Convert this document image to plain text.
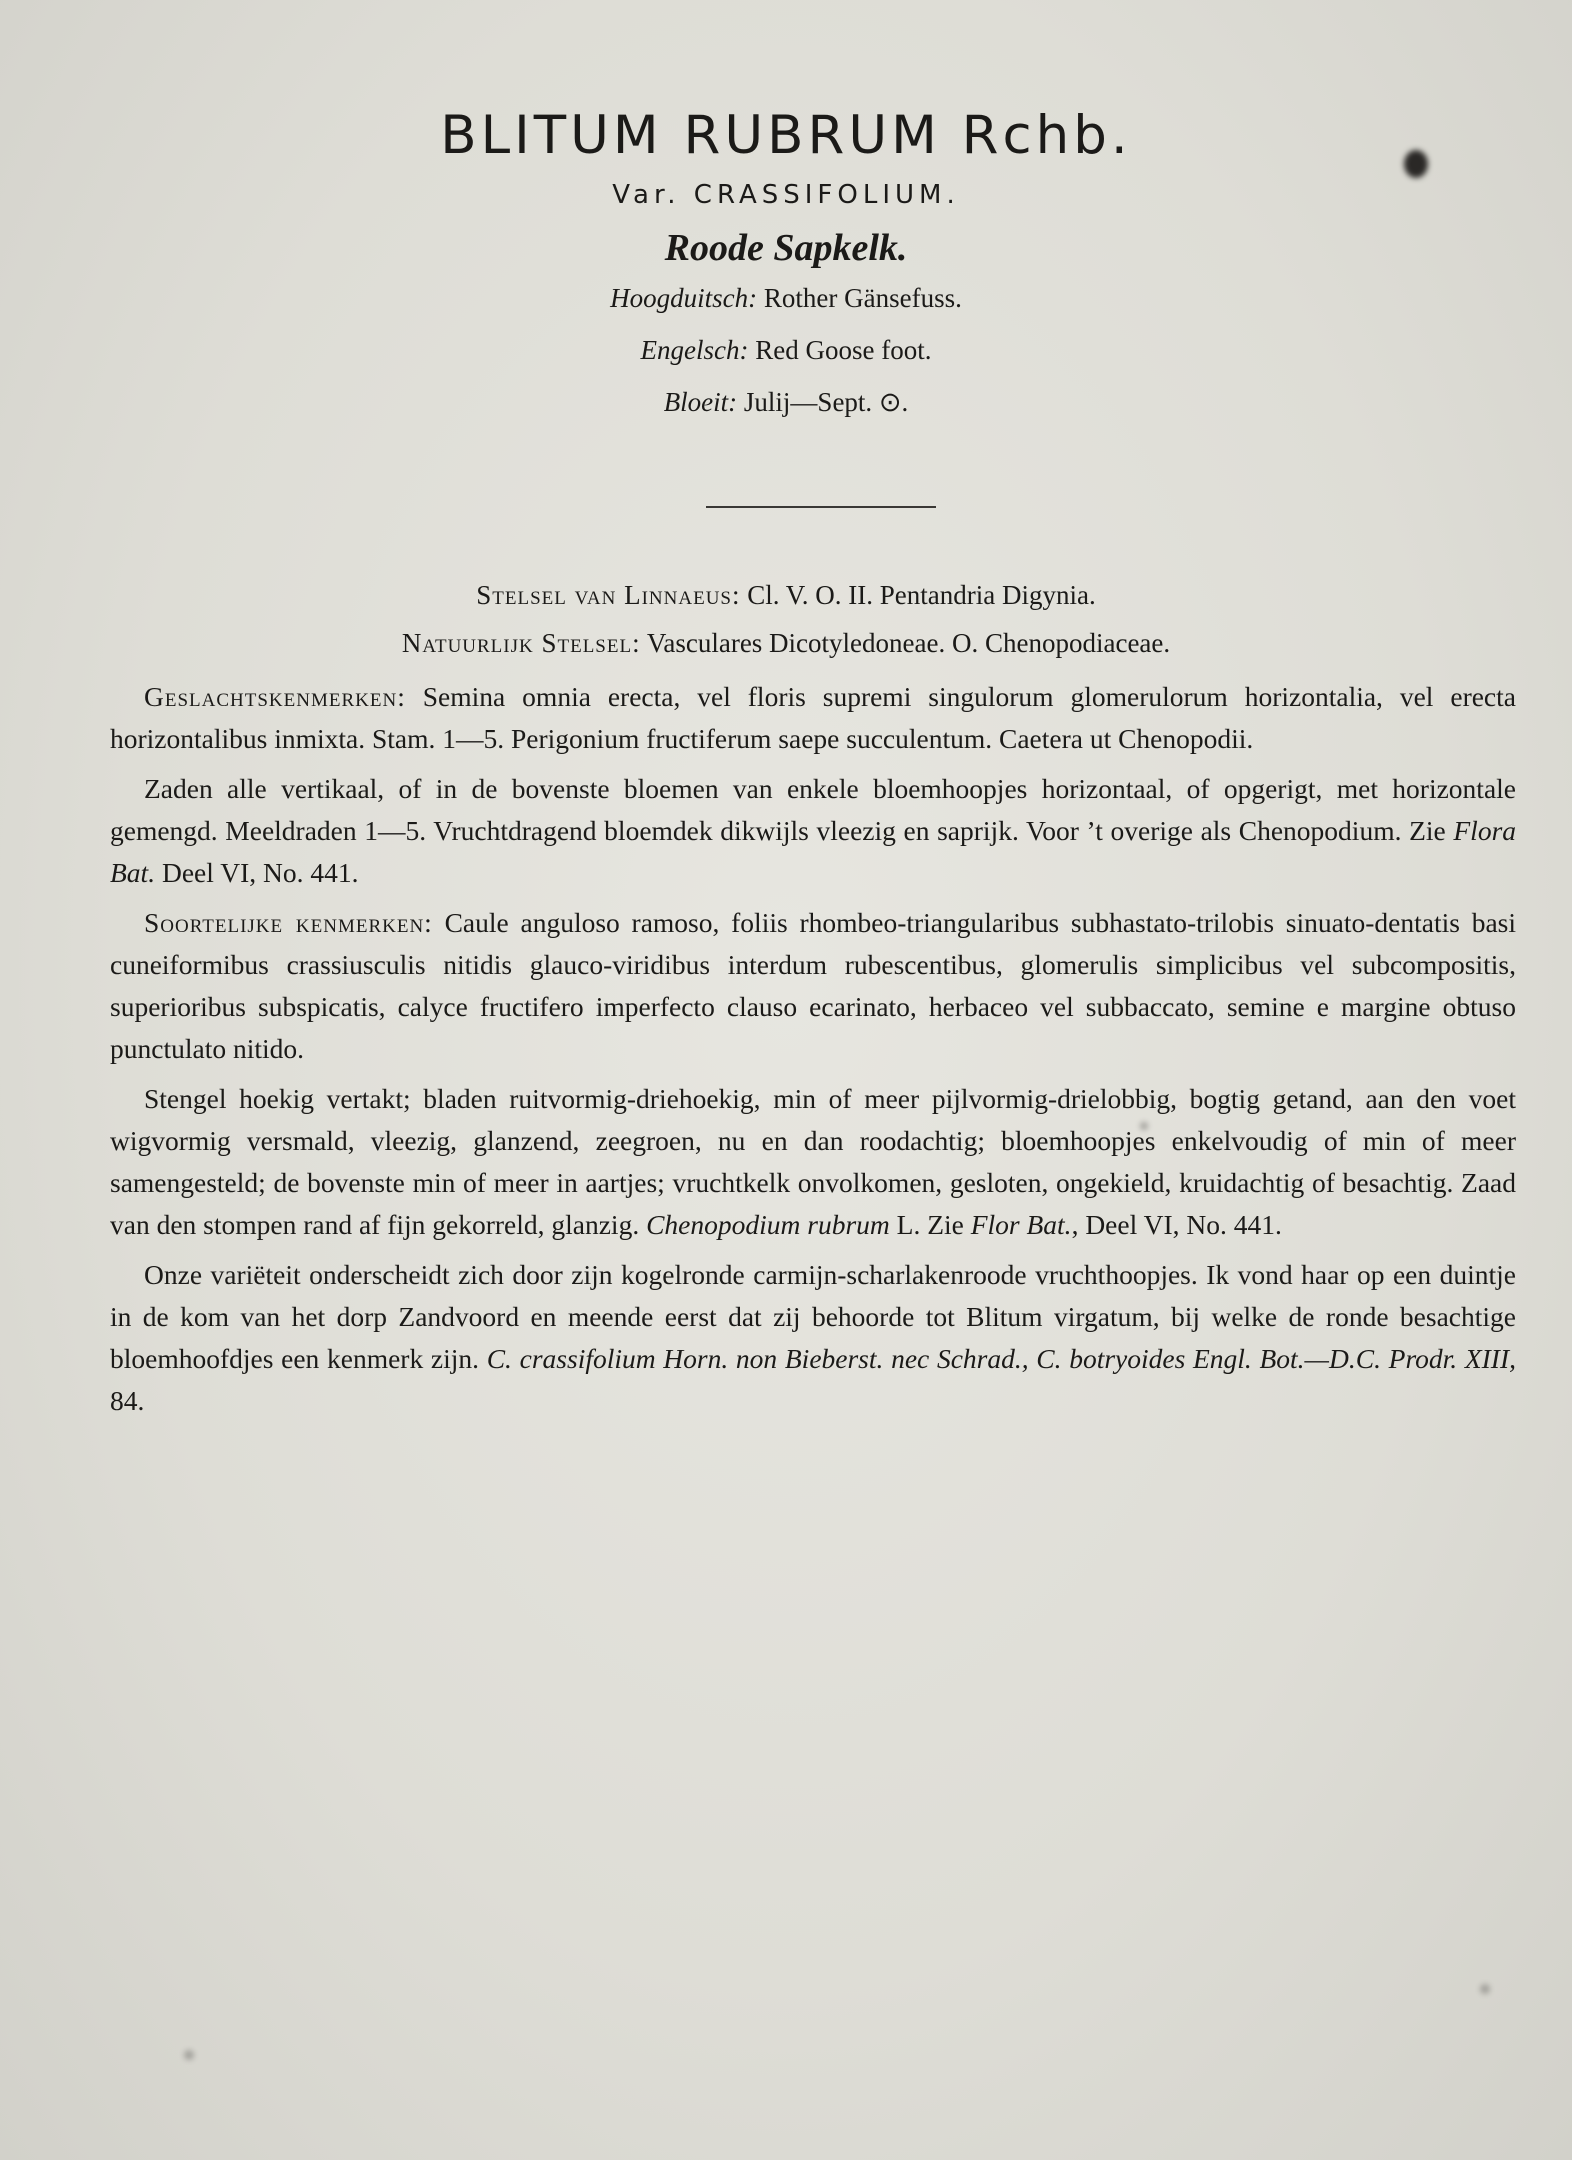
BLITUM RUBRUM Rchb.
Var. CRASSIFOLIUM.
Roode Sapkelk.
Hoogduitsch: Rother Gänsefuss.
Engelsch: Red Goose foot.
Bloeit: Julij—Sept. ⊙.
Stelsel van Linnaeus: Cl. V. O. II. Pentandria Digynia.
Natuurlijk Stelsel: Vasculares Dicotyledoneae. O. Chenopodiaceae.

Geslachtskenmerken: Semina omnia erecta, vel floris supremi singulorum glomerulorum horizontalia, vel erecta horizontalibus inmixta. Stam. 1—5. Perigonium fructiferum saepe succulentum. Caetera ut Chenopodii.

Zaden alle vertikaal, of in de bovenste bloemen van enkele bloemhoopjes horizontaal, of opgerigt, met horizontale gemengd. Meeldraden 1—5. Vruchtdragend bloemdek dikwijls vleezig en saprijk. Voor ’t overige als Chenopodium. Zie Flora Bat. Deel VI, No. 441.

Soortelijke kenmerken: Caule anguloso ramoso, foliis rhombeo-triangularibus subhastato-trilobis sinuato-dentatis basi cuneiformibus crassiusculis nitidis glauco-viridibus interdum rubescentibus, glomerulis simplicibus vel subcompositis, superioribus subspicatis, calyce fructifero imperfecto clauso ecarinato, herbaceo vel subbaccato, semine e margine obtuso punctulato nitido.

Stengel hoekig vertakt; bladen ruitvormig-driehoekig, min of meer pijlvormig-drielobbig, bogtig getand, aan den voet wigvormig versmald, vleezig, glanzend, zeegroen, nu en dan roodachtig; bloemhoopjes enkelvoudig of min of meer samengesteld; de bovenste min of meer in aartjes; vruchtkelk onvolkomen, gesloten, ongekield, kruidachtig of besachtig. Zaad van den stompen rand af fijn gekorreld, glanzig. Chenopodium rubrum L. Zie Flor Bat., Deel VI, No. 441.

Onze variëteit onderscheidt zich door zijn kogelronde carmijn-scharlakenroode vruchthoopjes. Ik vond haar op een duintje in de kom van het dorp Zandvoord en meende eerst dat zij behoorde tot Blitum virgatum, bij welke de ronde besachtige bloemhoofdjes een kenmerk zijn. C. crassifolium Horn. non Bieberst. nec Schrad., C. botryoides Engl. Bot.—D.C. Prodr. XIII, 84.
